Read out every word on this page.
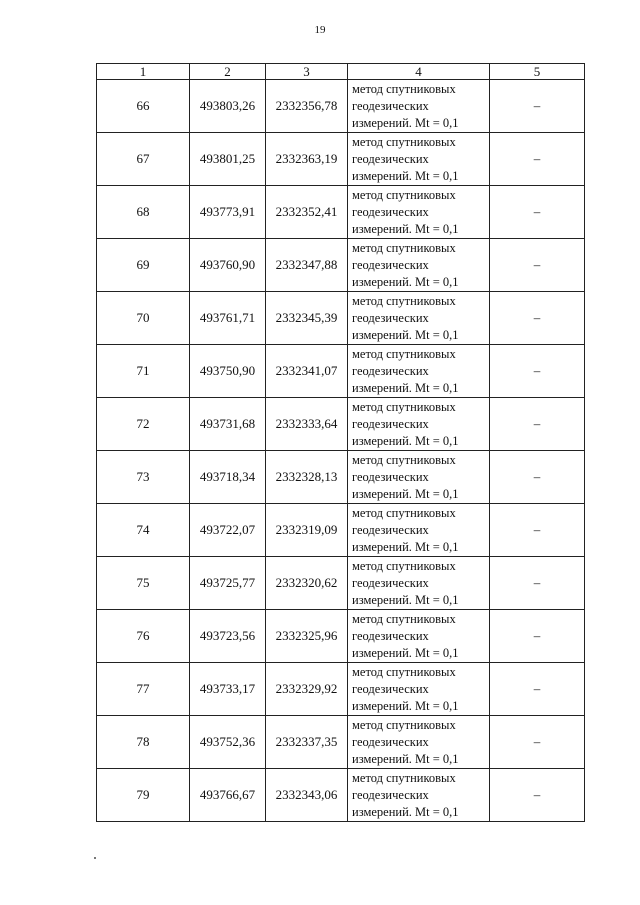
19
1	2	3	4	5
66	493803,26	2332356,78	метод спутниковых
геодезических
измерений. Mt = 0,1	–
67	493801,25	2332363,19	метод спутниковых
геодезических
измерений. Mt = 0,1	–
68	493773,91	2332352,41	метод спутниковых
геодезических
измерений. Mt = 0,1	–
69	493760,90	2332347,88	метод спутниковых
геодезических
измерений. Mt = 0,1	–
70	493761,71	2332345,39	метод спутниковых
геодезических
измерений. Mt = 0,1	–
71	493750,90	2332341,07	метод спутниковых
геодезических
измерений. Mt = 0,1	–
72	493731,68	2332333,64	метод спутниковых
геодезических
измерений. Mt = 0,1	–
73	493718,34	2332328,13	метод спутниковых
геодезических
измерений. Mt = 0,1	–
74	493722,07	2332319,09	метод спутниковых
геодезических
измерений. Mt = 0,1	–
75	493725,77	2332320,62	метод спутниковых
геодезических
измерений. Mt = 0,1	–
76	493723,56	2332325,96	метод спутниковых
геодезических
измерений. Mt = 0,1	–
77	493733,17	2332329,92	метод спутниковых
геодезических
измерений. Mt = 0,1	–
78	493752,36	2332337,35	метод спутниковых
геодезических
измерений. Mt = 0,1	–
79	493766,67	2332343,06	метод спутниковых
геодезических
измерений. Mt = 0,1	–
